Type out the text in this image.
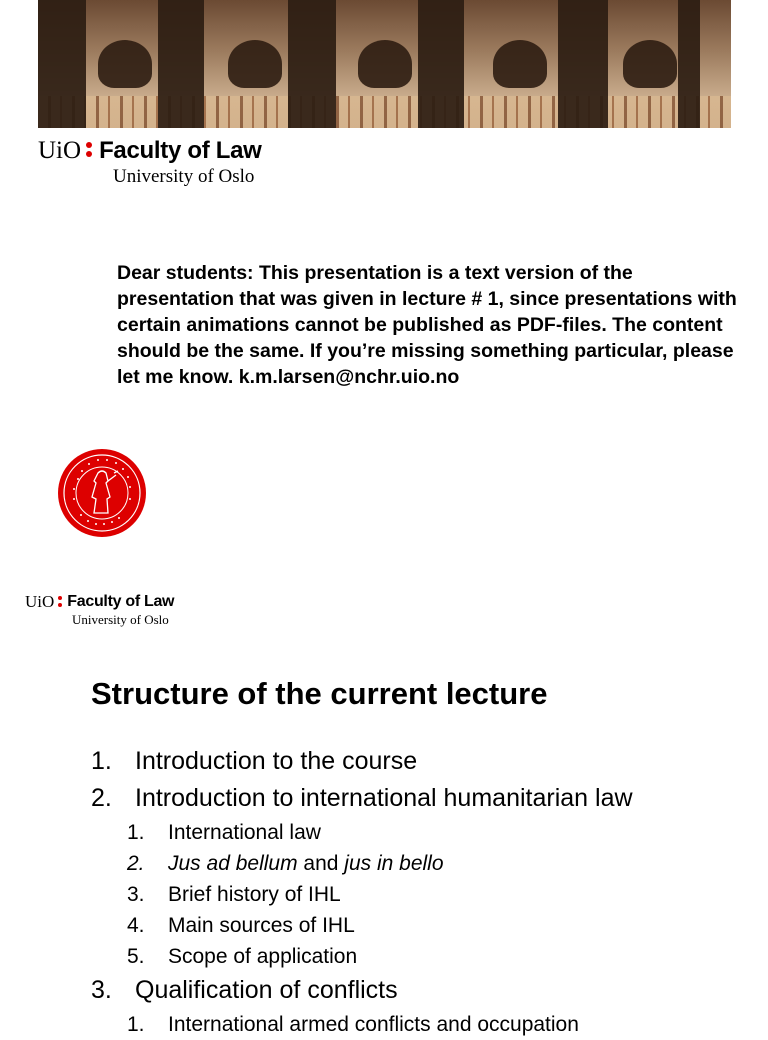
UiO Faculty of Law
University of Oslo
Dear students: This presentation is a text version of the presentation that was given in lecture # 1, since presentations with certain animations cannot be published as PDF-files. The content should be the same. If you’re missing something particular, please let me know. k.m.larsen@nchr.uio.no
UiO Faculty of Law
University of Oslo
Structure of the current lecture
1. Introduction to the course
2. Introduction to international humanitarian law
1.	International law
2.	Jus ad bellum and jus in bello
3.	Brief history of IHL
4.	Main sources of IHL
5.	Scope of application
3. Qualification of conflicts
1.	International armed conflicts and occupation
